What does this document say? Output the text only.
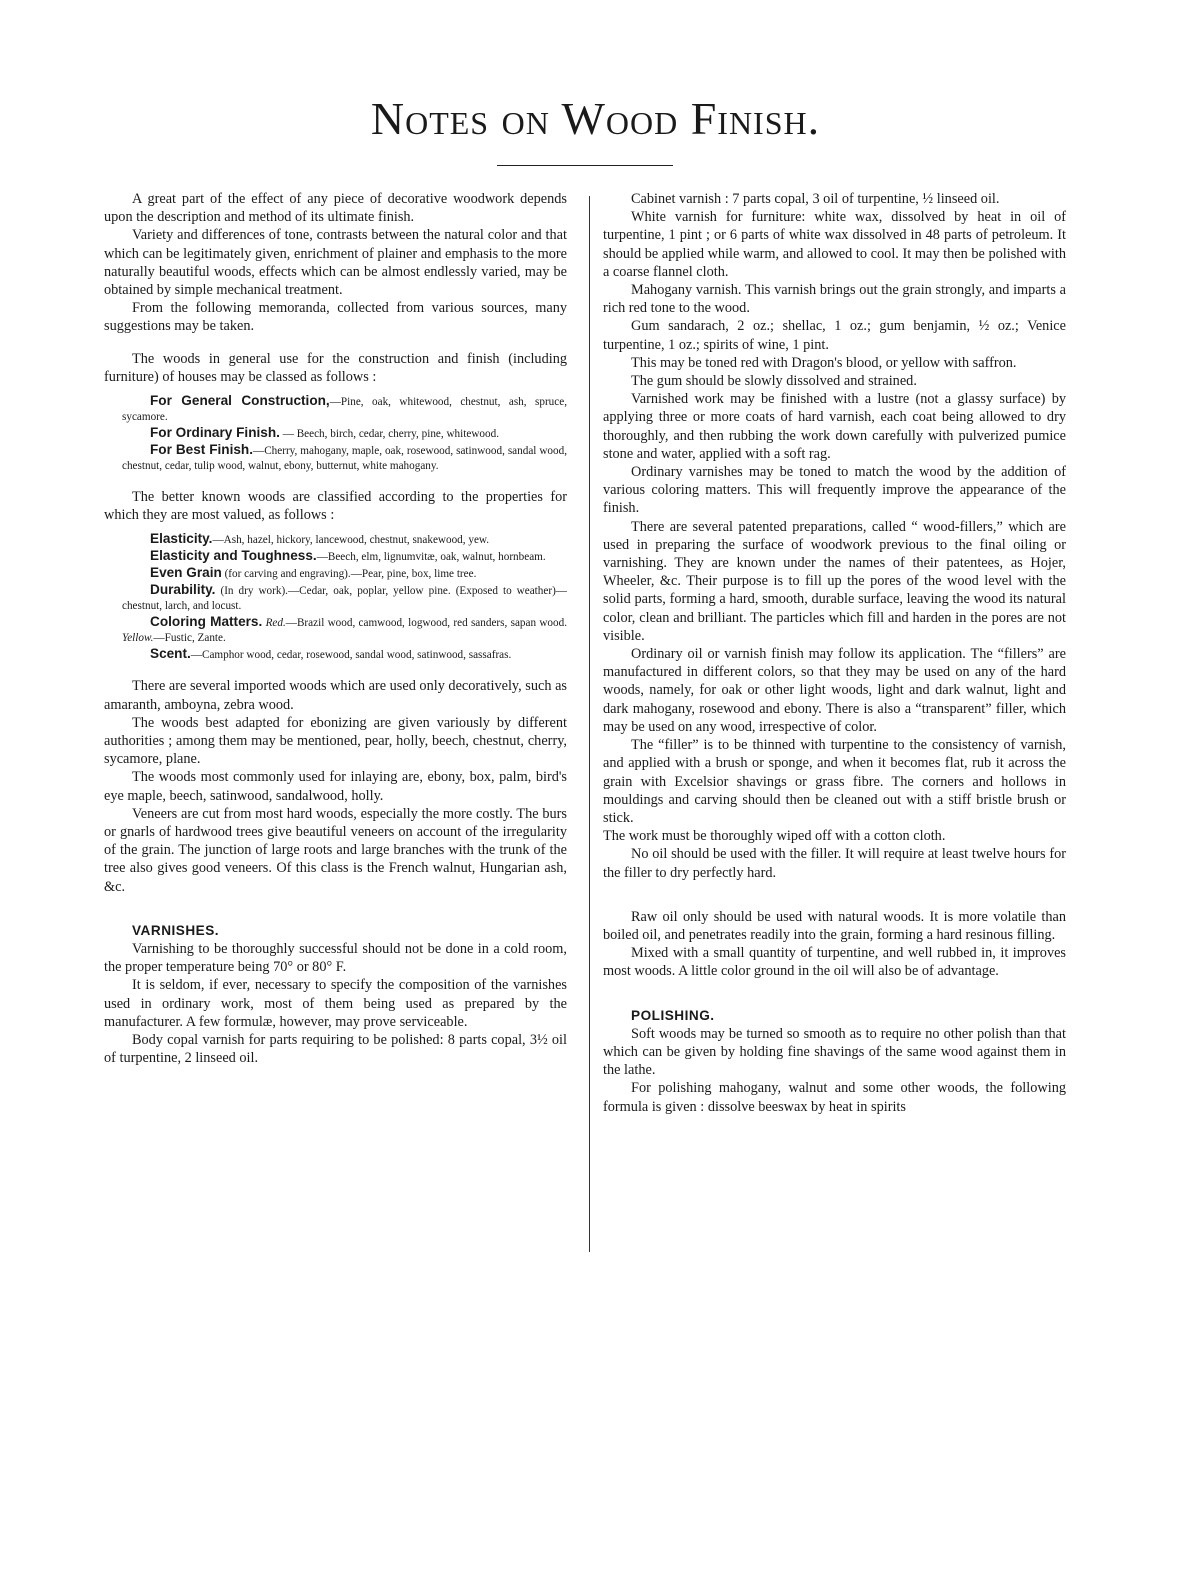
Notes on Wood Finish.

A great part of the effect of any piece of decorative woodwork depends upon the description and method of its ultimate finish.

Variety and differences of tone, contrasts between the natural color and that which can be legitimately given, enrichment of plainer and emphasis to the more naturally beautiful woods, effects which can be almost endlessly varied, may be obtained by simple mechanical treatment.

From the following memoranda, collected from various sources, many suggestions may be taken.

The woods in general use for the construction and finish (including furniture) of houses may be classed as follows :

For General Construction,—Pine, oak, whitewood, chestnut, ash, spruce, sycamore.

For Ordinary Finish. — Beech, birch, cedar, cherry, pine, whitewood.

For Best Finish.—Cherry, mahogany, maple, oak, rosewood, satinwood, sandal wood, chestnut, cedar, tulip wood, walnut, ebony, butternut, white mahogany.

The better known woods are classified according to the properties for which they are most valued, as follows :

Elasticity.—Ash, hazel, hickory, lancewood, chestnut, snakewood, yew.

Elasticity and Toughness.—Beech, elm, lignumvitæ, oak, walnut, hornbeam.

Even Grain (for carving and engraving).—Pear, pine, box, lime tree.

Durability. (In dry work).—Cedar, oak, poplar, yellow pine. (Exposed to weather)—chestnut, larch, and locust.

Coloring Matters. Red.—Brazil wood, camwood, logwood, red sanders, sapan wood. Yellow.—Fustic, Zante.

Scent.—Camphor wood, cedar, rosewood, sandal wood, satinwood, sassafras.

There are several imported woods which are used only decoratively, such as amaranth, amboyna, zebra wood.

The woods best adapted for ebonizing are given variously by different authorities ; among them may be mentioned, pear, holly, beech, chestnut, cherry, sycamore, plane.

The woods most commonly used for inlaying are, ebony, box, palm, bird's eye maple, beech, satinwood, sandalwood, holly.

Veneers are cut from most hard woods, especially the more costly. The burs or gnarls of hardwood trees give beautiful veneers on account of the irregularity of the grain. The junction of large roots and large branches with the trunk of the tree also gives good veneers. Of this class is the French walnut, Hungarian ash, &c.

VARNISHES.

Varnishing to be thoroughly successful should not be done in a cold room, the proper temperature being 70° or 80° F.

It is seldom, if ever, necessary to specify the composition of the varnishes used in ordinary work, most of them being used as prepared by the manufacturer. A few formulæ, however, may prove serviceable.

Body copal varnish for parts requiring to be polished: 8 parts copal, 3½ oil of turpentine, 2 linseed oil.

Cabinet varnish : 7 parts copal, 3 oil of turpentine, ½ linseed oil.

White varnish for furniture: white wax, dissolved by heat in oil of turpentine, 1 pint ; or 6 parts of white wax dissolved in 48 parts of petroleum. It should be applied while warm, and allowed to cool. It may then be polished with a coarse flannel cloth.

Mahogany varnish. This varnish brings out the grain strongly, and imparts a rich red tone to the wood.

Gum sandarach, 2 oz.; shellac, 1 oz.; gum benjamin, ½ oz.; Venice turpentine, 1 oz.; spirits of wine, 1 pint.

This may be toned red with Dragon's blood, or yellow with saffron.

The gum should be slowly dissolved and strained.

Varnished work may be finished with a lustre (not a glassy surface) by applying three or more coats of hard varnish, each coat being allowed to dry thoroughly, and then rubbing the work down carefully with pulverized pumice stone and water, applied with a soft rag.

Ordinary varnishes may be toned to match the wood by the addition of various coloring matters. This will frequently improve the appearance of the finish.

There are several patented preparations, called “ wood-fillers,” which are used in preparing the surface of woodwork previous to the final oiling or varnishing. They are known under the names of their patentees, as Hojer, Wheeler, &c. Their purpose is to fill up the pores of the wood level with the solid parts, forming a hard, smooth, durable surface, leaving the wood its natural color, clean and brilliant. The particles which fill and harden in the pores are not visible.

Ordinary oil or varnish finish may follow its application. The “fillers” are manufactured in different colors, so that they may be used on any of the hard woods, namely, for oak or other light woods, light and dark walnut, light and dark mahogany, rosewood and ebony. There is also a “transparent” filler, which may be used on any wood, irrespective of color.

The “filler” is to be thinned with turpentine to the consistency of varnish, and applied with a brush or sponge, and when it becomes flat, rub it across the grain with Excelsior shavings or grass fibre. The corners and hollows in mouldings and carving should then be cleaned out with a stiff bristle brush or stick.

The work must be thoroughly wiped off with a cotton cloth.

No oil should be used with the filler. It will require at least twelve hours for the filler to dry perfectly hard.

Raw oil only should be used with natural woods. It is more volatile than boiled oil, and penetrates readily into the grain, forming a hard resinous filling.

Mixed with a small quantity of turpentine, and well rubbed in, it improves most woods. A little color ground in the oil will also be of advantage.

POLISHING.

Soft woods may be turned so smooth as to require no other polish than that which can be given by holding fine shavings of the same wood against them in the lathe.

For polishing mahogany, walnut and some other woods, the following formula is given : dissolve beeswax by heat in spirits
